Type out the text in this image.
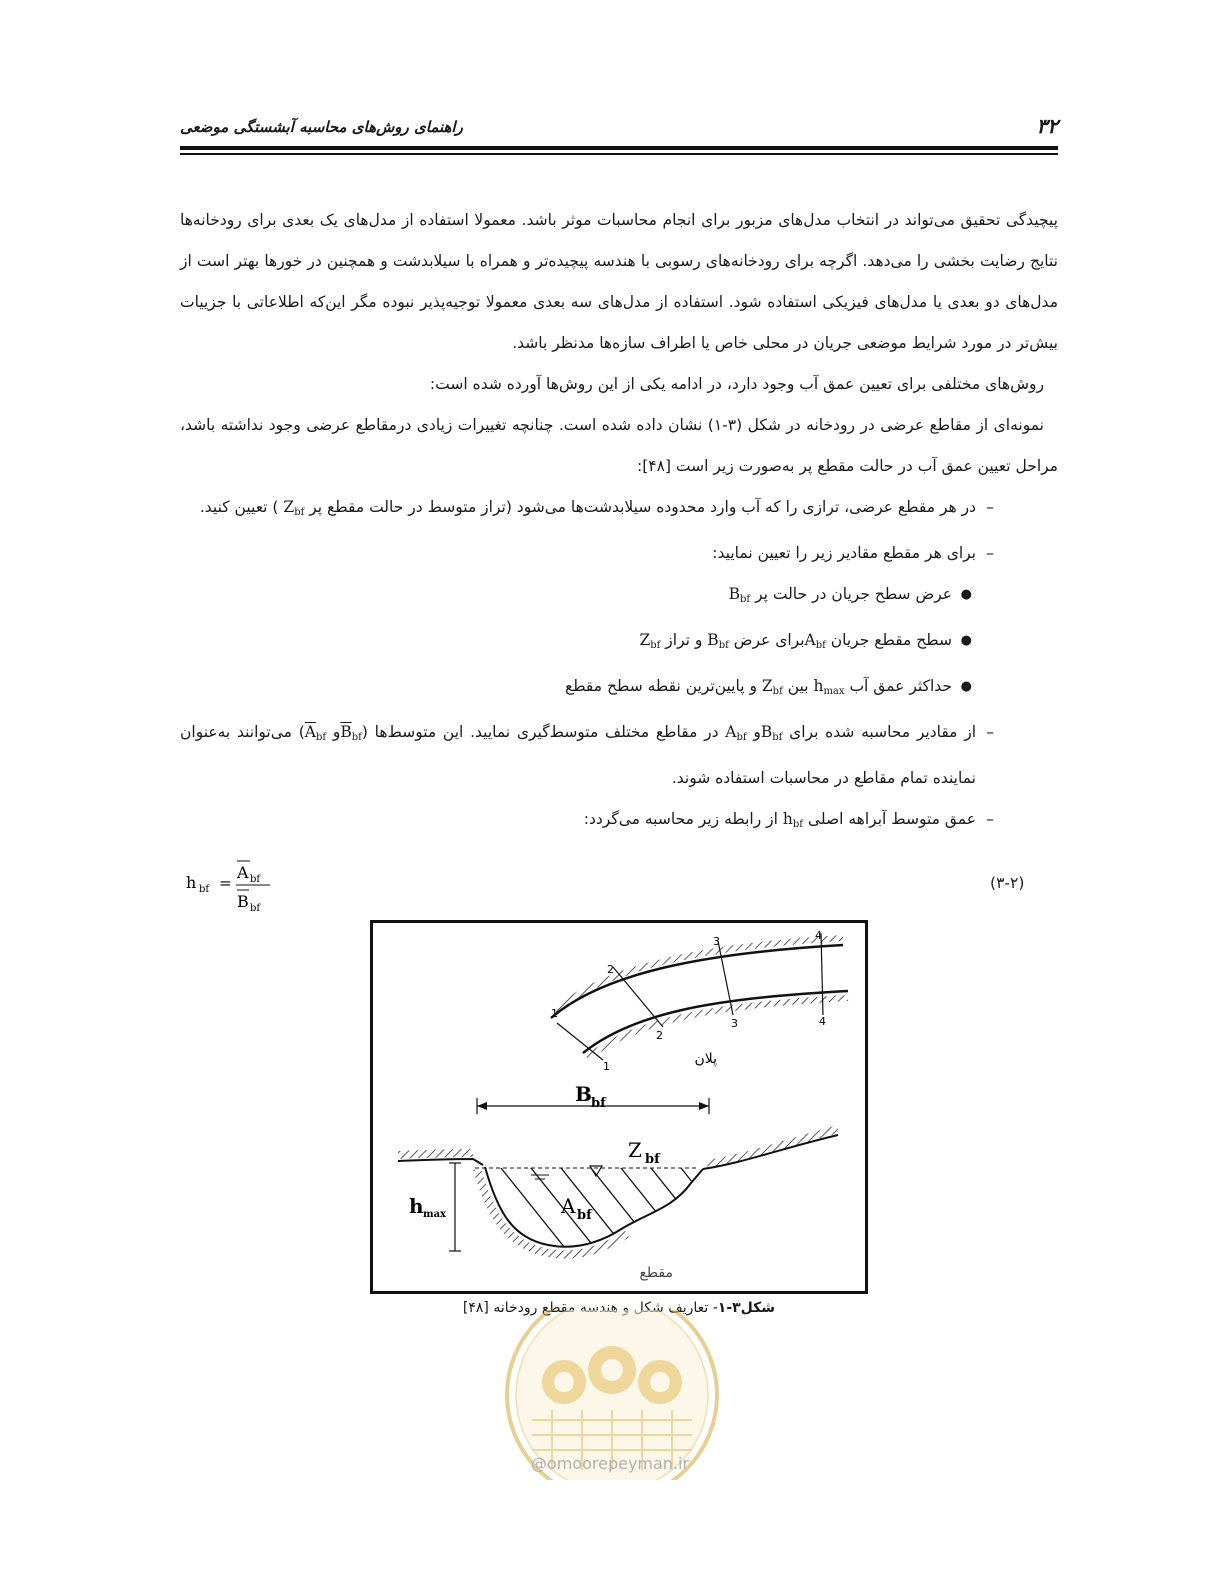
راهنمای روش‌های محاسبه آبشستگی موضعی	۳۲

پیچیدگی تحقیق می‌تواند در انتخاب مدل‌های مزبور برای انجام محاسبات موثر باشد. معمولا استفاده از مدل‌های یک بعدی برای رودخانه‌ها نتایج رضایت بخشی را می‌دهد. اگرچه برای رودخانه‌های رسوبی با هندسه پیچیده‌تر و همراه با سیلابدشت و همچنین در خورها بهتر است از مدل‌های دو بعدی یا مدل‌های فیزیکی استفاده شود. استفاده از مدل‌های سه بعدی معمولا توجیه‌پذیر نبوده مگر این‌که اطلاعاتی با جزییات بیش‌تر در مورد شرایط موضعی جریان در محلی خاص یا اطراف سازه‌ها مدنظر باشد.

روش‌های مختلفی برای تعیین عمق آب وجود دارد، در ادامه یکی از این روش‌ها آورده شده است:

نمونه‌ای از مقاطع عرضی در رودخانه در شکل (۳-۱) نشان داده شده است. چنانچه تغییرات زیادی درمقاطع عرضی وجود نداشته باشد، مراحل تعیین عمق آب در حالت مقطع پر به‌صورت زیر است [۴۸]:

–
در هر مقطع عرضی، ترازی را که آب وارد محدوده سیلابدشت‌ها می‌شود (تراز متوسط در حالت مقطع پر $Z_{bf}$ ) تعیین کنید.
–
برای هر مقطع مقادیر زیر را تعیین نمایید:
●
عرض سطح جریان در حالت پر $B_{bf}$
●
سطح مقطع جریان $A_{bf}برای$ عرض $B_{bf}$ و تراز $Z_{bf}$
●
حداکثر عمق آب $h_{max}$ بین $Z_{bf}$ و پایین‌ترین نقطه سطح مقطع
–
از مقادیر محاسبه شده برای $B_{bf}و$ $A_{bf}$ در مقاطع مختلف متوسط‌گیری نمایید. این متوسط‌ها ($\overline{B}_{bf}و$ $\overline{A}_{bf}$) می‌توانند به‌عنوان نماینده تمام مقاطع در محاسبات استفاده شوند.
–
عمق متوسط آبراهه اصلی $h_{bf}$ از رابطه زیر محاسبه می‌گردد:
h bf =
A bf
B bf
(۳-۲)
1
1
2
2
3
3
4
4
پلان
B bf
Z bf
A bf
h max
مقطع
شکل۳-۱- تعاریف شکل و هندسه مقطع رودخانه [۴۸]
@omoorepeyman.ir
